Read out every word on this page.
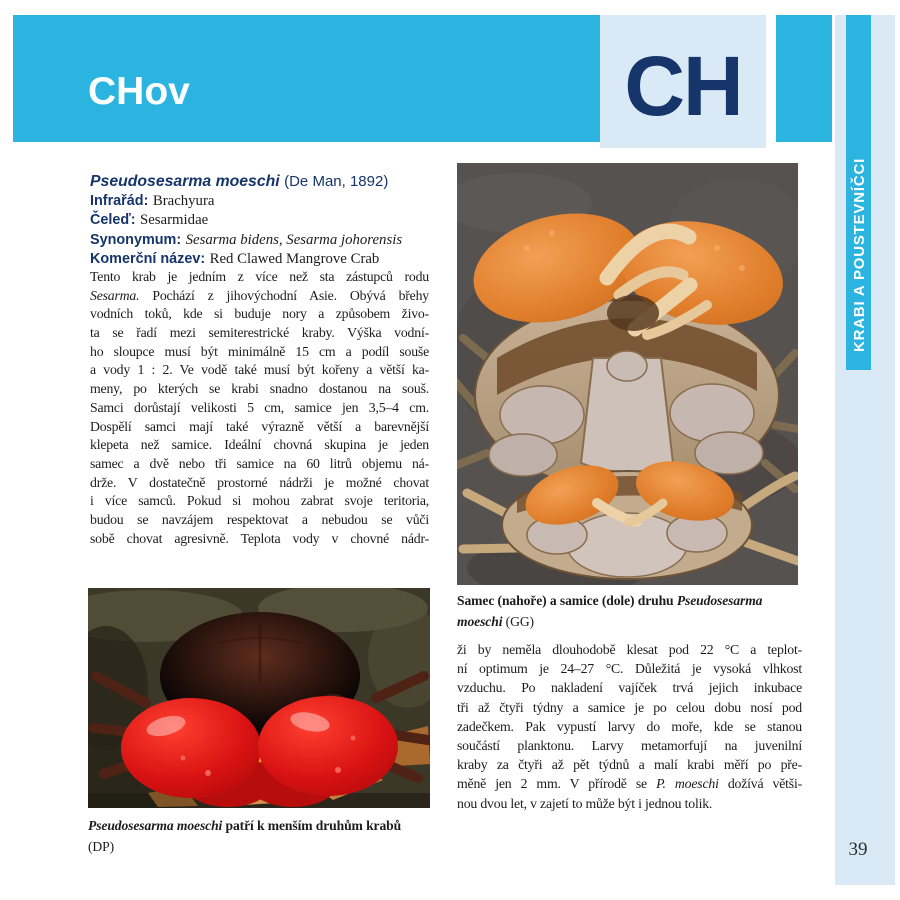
CHov	CH
KRABI A POUSTEVNÍČCI
39
Pseudosesarma moeschi (De Man, 1892)
Infrařád: Brachyura
Čeleď: Sesarmidae
Synonymum: Sesarma bidens, Sesarma johorensis
Komerční název: Red Clawed Mangrove Crab
Tento krab je jedním z více než sta zástupců rodu
Sesarma. Pochází z jihovýchodní Asie. Obývá břehy
vodních toků, kde si buduje nory a způsobem živo-
ta se řadí mezi semiterestrické kraby. Výška vodní-
ho sloupce musí být minimálně 15 cm a podíl souše
a vody 1 : 2. Ve vodě také musí být kořeny a větší ka-
meny, po kterých se krabi snadno dostanou na souš.
Samci dorůstají velikosti 5 cm, samice jen 3,5–4 cm.
Dospělí samci mají také výrazně větší a barevnější
klepeta než samice. Ideální chovná skupina je jeden
samec a dvě nebo tři samice na 60 litrů objemu ná-
drže. V dostatečně prostorné nádrži je možné chovat
i více samců. Pokud si mohou zabrat svoje teritoria,
budou se navzájem respektovat a nebudou se vůči
sobě chovat agresivně. Teplota vody v chovné nádr-
Samec (nahoře) a samice (dole) druhu Pseudosesarma moeschi (GG)
ži by neměla dlouhodobě klesat pod 22 °C a teplot-
ní optimum je 24–27 °C. Důležitá je vysoká vlhkost
vzduchu. Po nakladení vajíček trvá jejich inkubace
tři až čtyři týdny a samice je po celou dobu nosí pod
zadečkem. Pak vypustí larvy do moře, kde se stanou
součástí planktonu. Larvy metamorfují na juvenilní
kraby za čtyři až pět týdnů a malí krabi měří po pře-
měně jen 2 mm. V přírodě se P. moeschi dožívá větši-
nou dvou let, v zajetí to může být i jednou tolik.
Pseudosesarma moeschi patří k menším druhům krabů
(DP)
